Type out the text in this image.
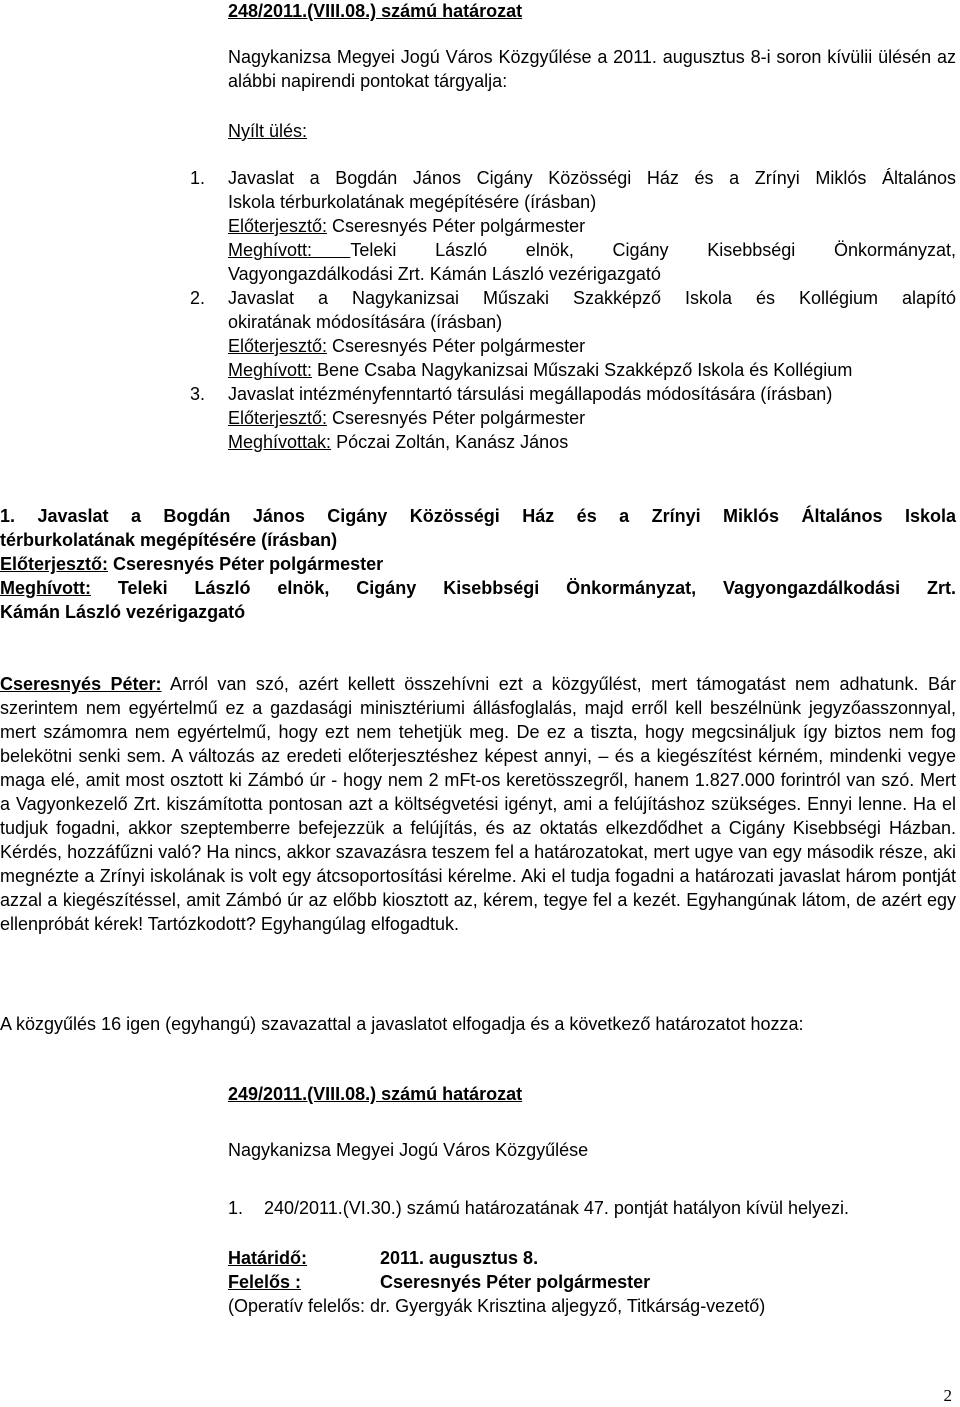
248/2011.(VIII.08.) számú határozat
Nagykanizsa Megyei Jogú Város Közgyűlése a 2011. augusztus 8-i soron kívülii ülésén az alábbi napirendi pontokat tárgyalja:
Nyílt ülés:
1. Javaslat a Bogdán János Cigány Közösségi Ház és a Zrínyi Miklós Általános
Iskola térburkolatának megépítésére (írásban)
Előterjesztő: Cseresnyés Péter polgármester
Meghívott: Teleki László elnök, Cigány Kisebbségi Önkormányzat,
Vagyongazdálkodási Zrt. Kámán László vezérigazgató
2. Javaslat a Nagykanizsai Műszaki Szakképző Iskola és Kollégium alapító
okiratának módosítására (írásban)
Előterjesztő: Cseresnyés Péter polgármester
Meghívott: Bene Csaba Nagykanizsai Műszaki Szakképző Iskola és Kollégium
3. Javaslat intézményfenntartó társulási megállapodás módosítására (írásban)
Előterjesztő: Cseresnyés Péter polgármester
Meghívottak: Póczai Zoltán, Kanász János
1. Javaslat a Bogdán János Cigány Közösségi Ház és a Zrínyi Miklós Általános Iskola
térburkolatának megépítésére (írásban)
Előterjesztő: Cseresnyés Péter polgármester
Meghívott: Teleki László elnök, Cigány Kisebbségi Önkormányzat, Vagyongazdálkodási Zrt.
Kámán László vezérigazgató
Cseresnyés Péter: Arról van szó, azért kellett összehívni ezt a közgyűlést, mert támogatást nem adhatunk. Bár szerintem nem egyértelmű ez a gazdasági minisztériumi állásfoglalás, majd erről kell beszélnünk jegyzőasszonnyal, mert számomra nem egyértelmű, hogy ezt nem tehetjük meg. De ez a tiszta, hogy megcsináljuk így biztos nem fog belekötni senki sem. A változás az eredeti előterjesztéshez képest annyi, – és a kiegészítést kérném, mindenki vegye maga elé, amit most osztott ki Zámbó úr - hogy nem 2 mFt-os keretösszegről, hanem 1.827.000 forintról van szó. Mert a Vagyonkezelő Zrt. kiszámította pontosan azt a költségvetési igényt, ami a felújításhoz szükséges. Ennyi lenne. Ha el tudjuk fogadni, akkor szeptemberre befejezzük a felújítás, és az oktatás elkezdődhet a Cigány Kisebbségi Házban. Kérdés, hozzáfűzni való? Ha nincs, akkor szavazásra teszem fel a határozatokat, mert ugye van egy második része, aki megnézte a Zrínyi iskolának is volt egy átcsoportosítási kérelme. Aki el tudja fogadni a határozati javaslat három pontját azzal a kiegészítéssel, amit Zámbó úr az előbb kiosztott az, kérem, tegye fel a kezét. Egyhangúnak látom, de azért egy ellenpróbát kérek! Tartózkodott? Egyhangúlag elfogadtuk.
A közgyűlés 16 igen (egyhangú) szavazattal a javaslatot elfogadja és a következő határozatot hozza:
249/2011.(VIII.08.) számú határozat
Nagykanizsa Megyei Jogú Város Közgyűlése
1. 240/2011.(VI.30.) számú határozatának 47. pontját hatályon kívül helyezi.
Határidő:	2011. augusztus 8.
Felelős :	Cseresnyés Péter polgármester
(Operatív felelős: dr. Gyergyák Krisztina aljegyző, Titkárság-vezető)
2
